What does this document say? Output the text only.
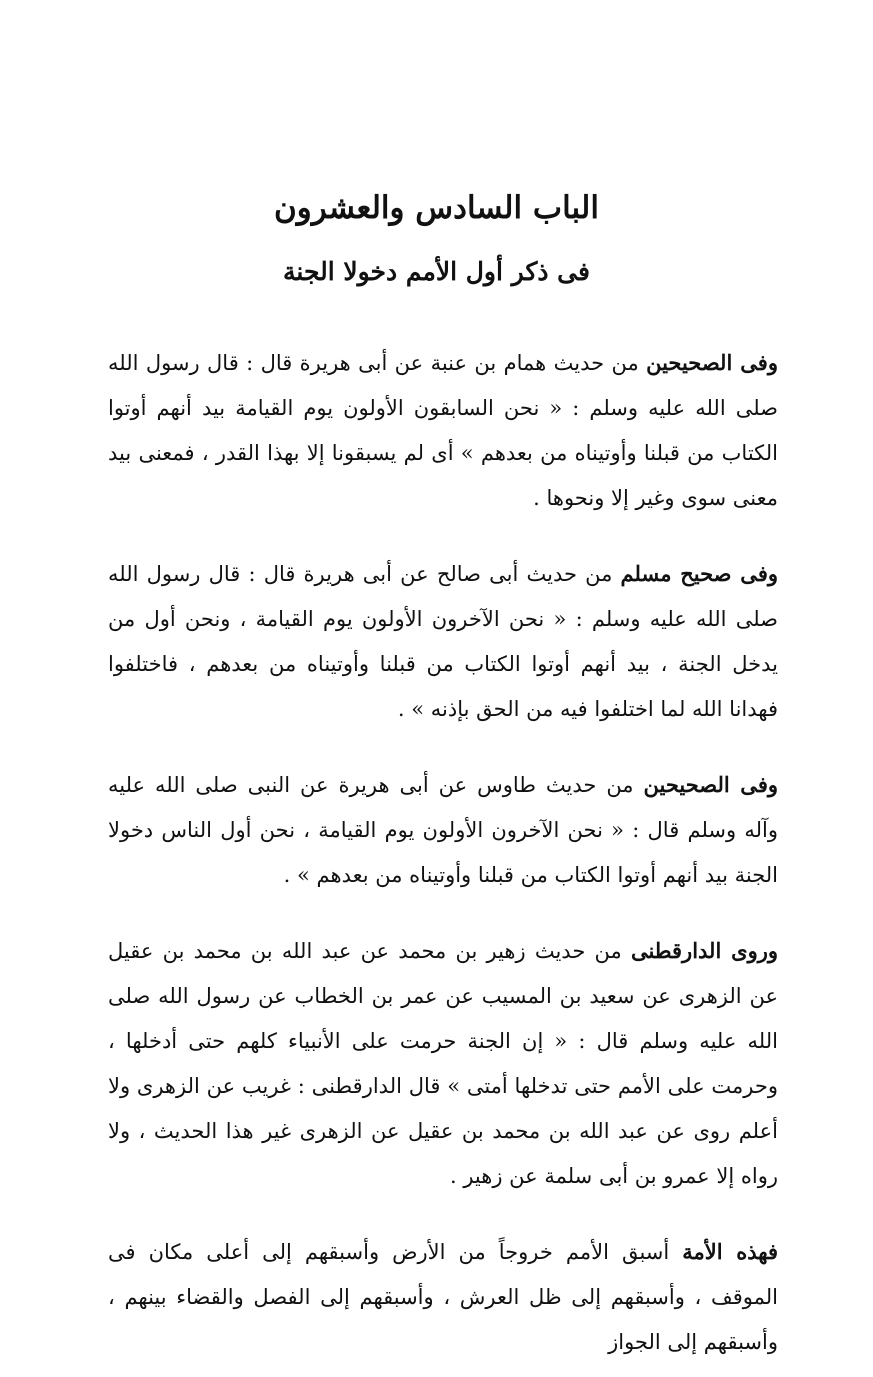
الباب السادس والعشرون
فى ذكر أول الأمم دخولا الجنة

وفى الصحيحين من حديث همام بن عنبة عن أبى هريرة قال : قال رسول الله صلى الله عليه وسلم : « نحن السابقون الأولون يوم القيامة بيد أنهم أوتوا الكتاب من قبلنا وأوتيناه من بعدهم » أى لم يسبقونا إلا بهذا القدر ، فمعنى بيد معنى سوى وغير إلا ونحوها .

وفى صحيح مسلم من حديث أبى صالح عن أبى هريرة قال : قال رسول الله صلى الله عليه وسلم : « نحن الآخرون الأولون يوم القيامة ، ونحن أول من يدخل الجنة ، بيد أنهم أوتوا الكتاب من قبلنا وأوتيناه من بعدهم ، فاختلفوا فهدانا الله لما اختلفوا فيه من الحق بإذنه » .

وفى الصحيحين من حديث طاوس عن أبى هريرة عن النبى صلى الله عليه وآله وسلم قال : « نحن الآخرون الأولون يوم القيامة ، نحن أول الناس دخولا الجنة بيد أنهم أوتوا الكتاب من قبلنا وأوتيناه من بعدهم » .

وروى الدارقطنى من حديث زهير بن محمد عن عبد الله بن محمد بن عقيل عن الزهرى عن سعيد بن المسيب عن عمر بن الخطاب عن رسول الله صلى الله عليه وسلم قال : « إن الجنة حرمت على الأنبياء كلهم حتى أدخلها ، وحرمت على الأمم حتى تدخلها أمتى » قال الدارقطنى : غريب عن الزهرى ولا أعلم روى عن عبد الله بن محمد بن عقيل عن الزهرى غير هذا الحديث ، ولا رواه إلا عمرو بن أبى سلمة عن زهير .

فهذه الأمة أسبق الأمم خروجاً من الأرض وأسبقهم إلى أعلى مكان فى الموقف ، وأسبقهم إلى ظل العرش ، وأسبقهم إلى الفصل والقضاء بينهم ، وأسبقهم إلى الجواز
